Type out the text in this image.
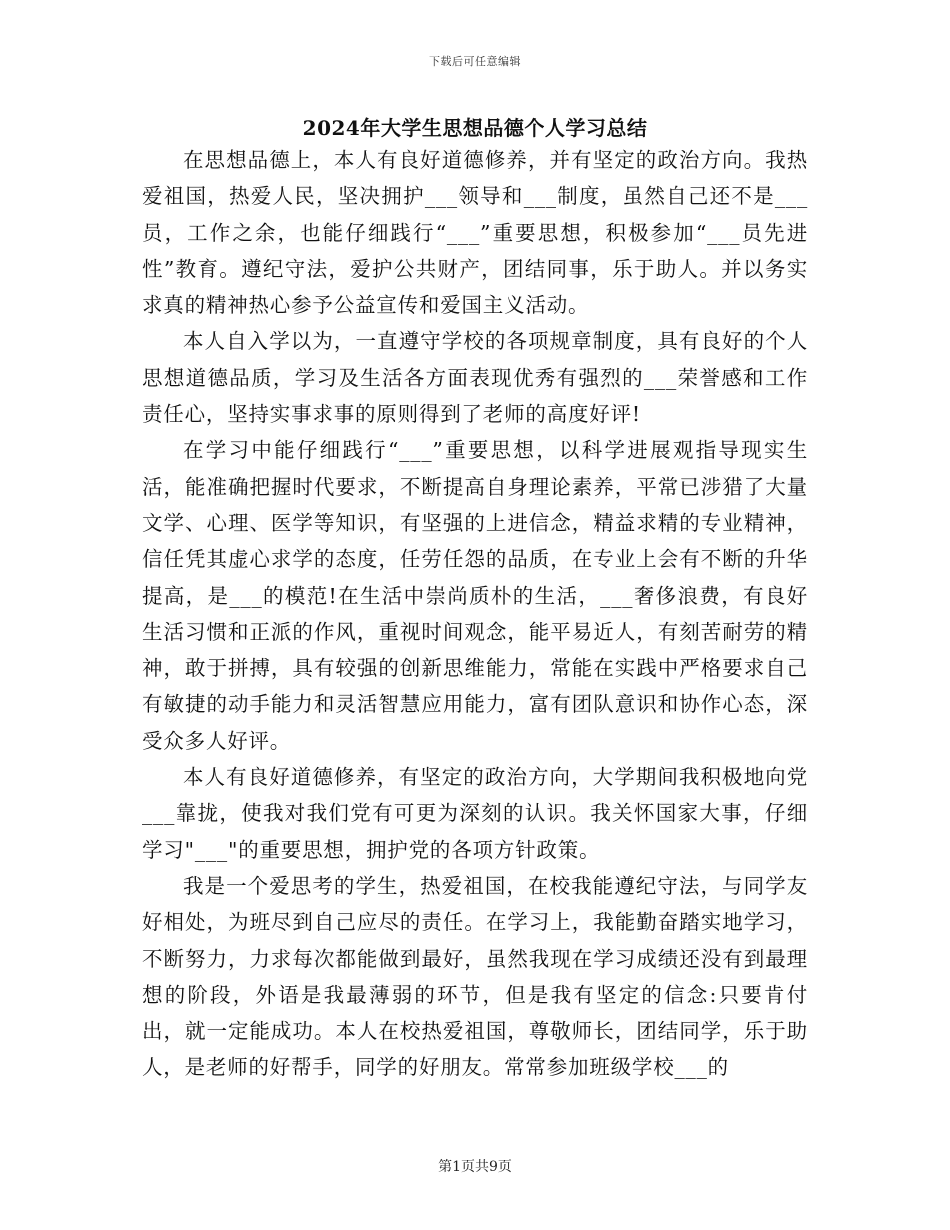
下载后可任意编辑
2024年大学生思想品德个人学习总结

在思想品德上，本人有良好道德修养，并有坚定的政治方向。我热爱祖国，热爱人民，坚决拥护___领导和___制度，虽然自己还不是___员，工作之余，也能仔细践行“___”重要思想，积极参加“___员先进性”教育。遵纪守法，爱护公共财产，团结同事，乐于助人。并以务实求真的精神热心参予公益宣传和爱国主义活动。

本人自入学以为，一直遵守学校的各项规章制度，具有良好的个人思想道德品质，学习及生活各方面表现优秀有强烈的___荣誉感和工作责任心，坚持实事求事的原则得到了老师的高度好评!

在学习中能仔细践行“___”重要思想，以科学进展观指导现实生活，能准确把握时代要求，不断提高自身理论素养，平常已涉猎了大量文学、心理、医学等知识，有坚强的上进信念，精益求精的专业精神，信任凭其虚心求学的态度，任劳任怨的品质，在专业上会有不断的升华提高，是___的模范!在生活中崇尚质朴的生活，___奢侈浪费，有良好生活习惯和正派的作风，重视时间观念，能平易近人，有刻苦耐劳的精神，敢于拼搏，具有较强的创新思维能力，常能在实践中严格要求自己有敏捷的动手能力和灵活智慧应用能力，富有团队意识和协作心态，深受众多人好评。

本人有良好道德修养，有坚定的政治方向，大学期间我积极地向党___靠拢，使我对我们党有可更为深刻的认识。我关怀国家大事，仔细学习"___"的重要思想，拥护党的各项方针政策。

我是一个爱思考的学生，热爱祖国，在校我能遵纪守法，与同学友好相处，为班尽到自己应尽的责任。在学习上，我能勤奋踏实地学习，不断努力，力求每次都能做到最好，虽然我现在学习成绩还没有到最理想的阶段，外语是我最薄弱的环节，但是我有坚定的信念:只要肯付出，就一定能成功。本人在校热爱祖国，尊敬师长，团结同学，乐于助人，是老师的好帮手，同学的好朋友。常常参加班级学校___的

第1页共9页
